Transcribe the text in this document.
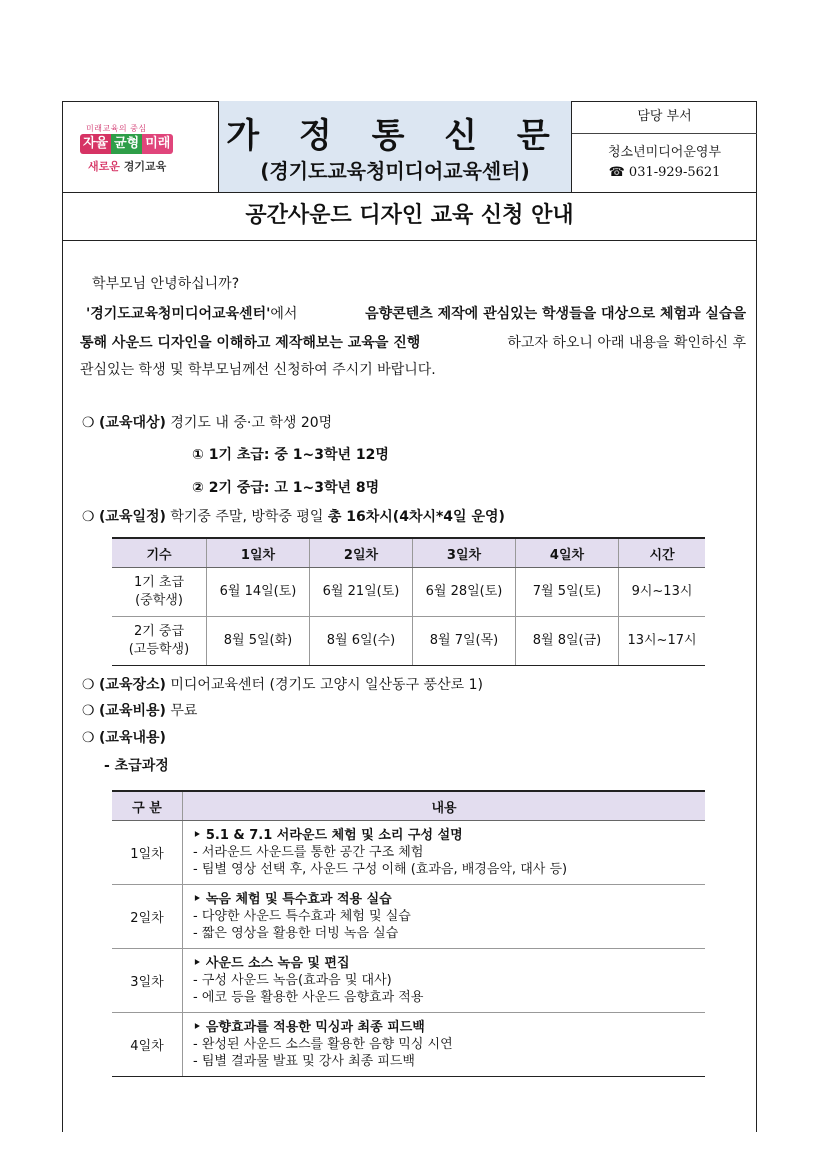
미래교육의 중심
자율 균형 미래
새로운 경기교육
가 정 통 신 문
(경기도교육청미디어교육센터)
담당 부서
청소년미디어운영부
☎ 031-929-5621
공간사운드 디자인 교육 신청 안내
학부모님 안녕하십니까?
'경기도교육청미디어교육센터'에서	음향콘텐츠 제작에 관심있는 학생들을 대상으로 체험과 실습을
통해 사운드 디자인을 이해하고 제작해보는 교육을 진행	하고자 하오니 아래 내용을 확인하신 후
관심있는 학생 및 학부모님께선 신청하여 주시기 바랍니다.
❍ (교육대상) 경기도 내 중·고 학생 20명
① 1기 초급: 중 1~3학년 12명
② 2기 중급: 고 1~3학년 8명
❍ (교육일정) 학기중 주말, 방학중 평일 총 16차시(4차시*4일 운영)
기수	1일차	2일차	3일차	4일차	시간
1기 초급
(중학생)	6월 14일(토)	6월 21일(토)	6월 28일(토)	7월 5일(토)	9시~13시
2기 중급
(고등학생)	8월 5일(화)	8월 6일(수)	8월 7일(목)	8월 8일(금)	13시~17시
❍ (교육장소) 미디어교육센터 (경기도 고양시 일산동구 풍산로 1)
❍ (교육비용) 무료
❍ (교육내용)
- 초급과정
구 분	내용
1일차	‣ 5.1 & 7.1 서라운드 체험 및 소리 구성 설명
- 서라운드 사운드를 통한 공간 구조 체험
- 팀별 영상 선택 후, 사운드 구성 이해 (효과음, 배경음악, 대사 등)

2일차	‣ 녹음 체험 및 특수효과 적용 실습
- 다양한 사운드 특수효과 체험 및 실습
- 짧은 영상을 활용한 더빙 녹음 실습

3일차	‣ 사운드 소스 녹음 및 편집
- 구성 사운드 녹음(효과음 및 대사)
- 에코 등을 활용한 사운드 음향효과 적용

4일차	‣ 음향효과를 적용한 믹싱과 최종 피드백
- 완성된 사운드 소스를 활용한 음향 믹싱 시연
- 팀별 결과물 발표 및 강사 최종 피드백
